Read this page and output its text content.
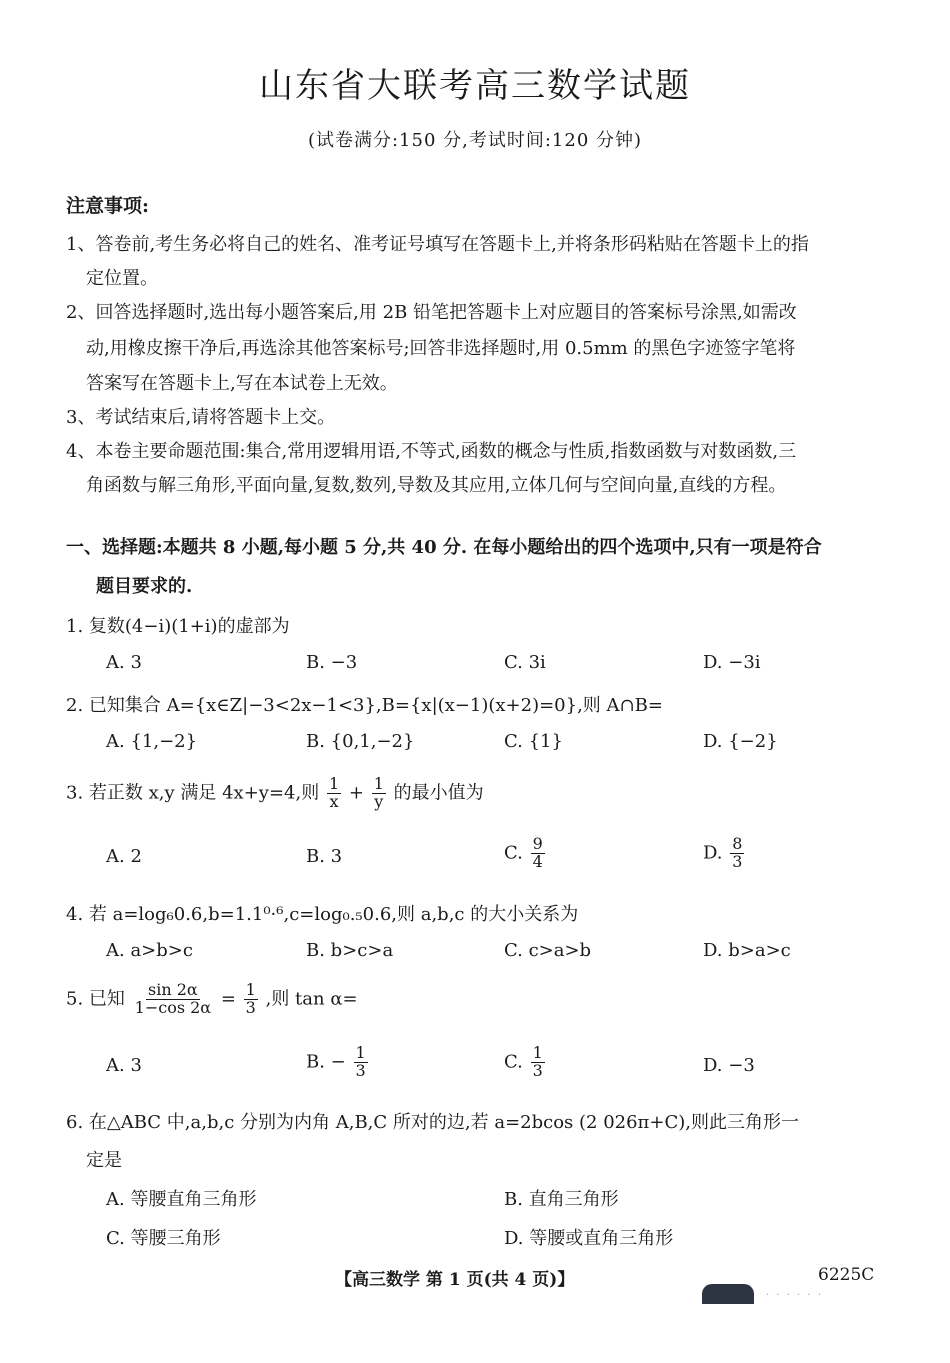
山东省大联考高三数学试题
(试卷满分:150 分,考试时间:120 分钟)
注意事项:
1、答卷前,考生务必将自己的姓名、准考证号填写在答题卡上,并将条形码粘贴在答题卡上的指
定位置。
2、回答选择题时,选出每小题答案后,用 2B 铅笔把答题卡上对应题目的答案标号涂黑,如需改
动,用橡皮擦干净后,再选涂其他答案标号;回答非选择题时,用 0.5mm 的黑色字迹签字笔将
答案写在答题卡上,写在本试卷上无效。
3、考试结束后,请将答题卡上交。
4、本卷主要命题范围:集合,常用逻辑用语,不等式,函数的概念与性质,指数函数与对数函数,三
角函数与解三角形,平面向量,复数,数列,导数及其应用,立体几何与空间向量,直线的方程。
一、选择题:本题共 8 小题,每小题 5 分,共 40 分. 在每小题给出的四个选项中,只有一项是符合
题目要求的.
1. 复数(4−i)(1+i)的虚部为
A. 3	B. −3	C. 3i	D. −3i
2. 已知集合 A={x∈Z|−3<2x−1<3},B={x|(x−1)(x+2)=0},则 A∩B=
A. {1,−2}	B. {0,1,−2}	C. {1}	D. {−2}
3. 若正数 x,y 满足 4x+y=4,则 $\frac{1}{x} + \frac{1}{y}$ 的最小值为
A. 2	B. 3	C. $\frac{9}{4}$	D. $\frac{8}{3}$
4. 若 a=log₆0.6,b=1.1⁰·⁶,c=log₀.₅0.6,则 a,b,c 的大小关系为
A. a>b>c	B. b>c>a	C. c>a>b	D. b>a>c
5. 已知 $\frac{\sin 2\alpha}{1-\cos 2\alpha} = \frac{1}{3}$ ,则 tan α=
A. 3	B. − $\frac{1}{3}$	C. $\frac{1}{3}$	D. −3
6. 在△ABC 中,a,b,c 分别为内角 A,B,C 所对的边,若 a=2bcos (2 026π+C),则此三角形一
定是
A. 等腰直角三角形	B. 直角三角形
C. 等腰三角形	D. 等腰或直角三角形
【高三数学 第 1 页(共 4 页)】	6225C
· · · · · ·
